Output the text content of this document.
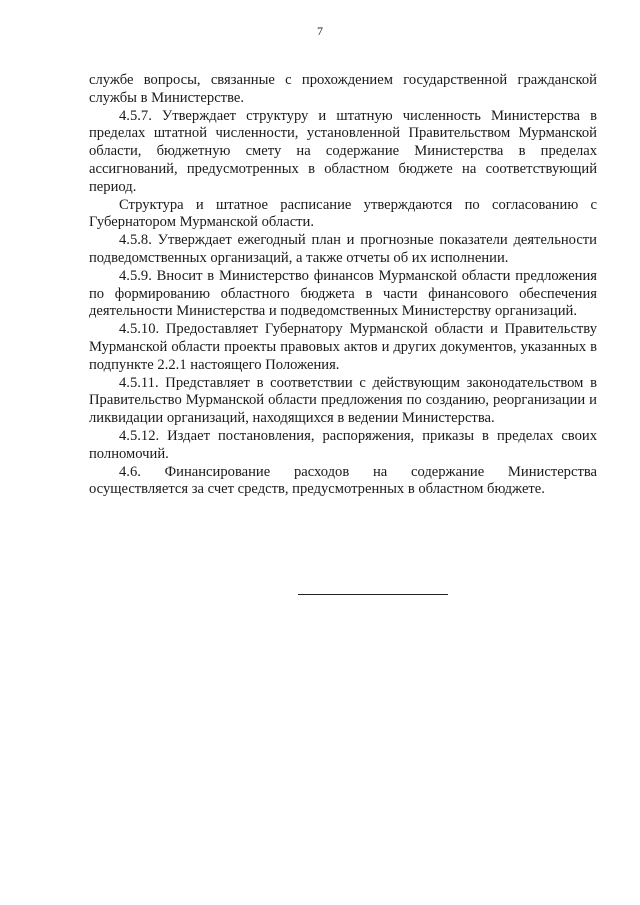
7

службе вопросы, связанные с прохождением государственной гражданской службы в Министерстве.

4.5.7. Утверждает структуру и штатную численность Министерства в пределах штатной численности, установленной Правительством Мурманской области, бюджетную смету на содержание Министерства в пределах ассигнований, предусмотренных в областном бюджете на соответствующий период.

Структура и штатное расписание утверждаются по согласованию с Губернатором Мурманской области.

4.5.8. Утверждает ежегодный план и прогнозные показатели деятельности подведомственных организаций, а также отчеты об их исполнении.

4.5.9. Вносит в Министерство финансов Мурманской области предложения по формированию областного бюджета в части финансового обеспечения деятельности Министерства и подведомственных Министерству организаций.

4.5.10. Предоставляет Губернатору Мурманской области и Правительству Мурманской области проекты правовых актов и других документов, указанных в подпункте 2.2.1 настоящего Положения.

4.5.11. Представляет в соответствии с действующим законодательством в Правительство Мурманской области предложения по созданию, реорганизации и ликвидации организаций, находящихся в ведении Министерства.

4.5.12. Издает постановления, распоряжения, приказы в пределах своих полномочий.

4.6. Финансирование расходов на содержание Министерства осуществляется за счет средств, предусмотренных в областном бюджете.
